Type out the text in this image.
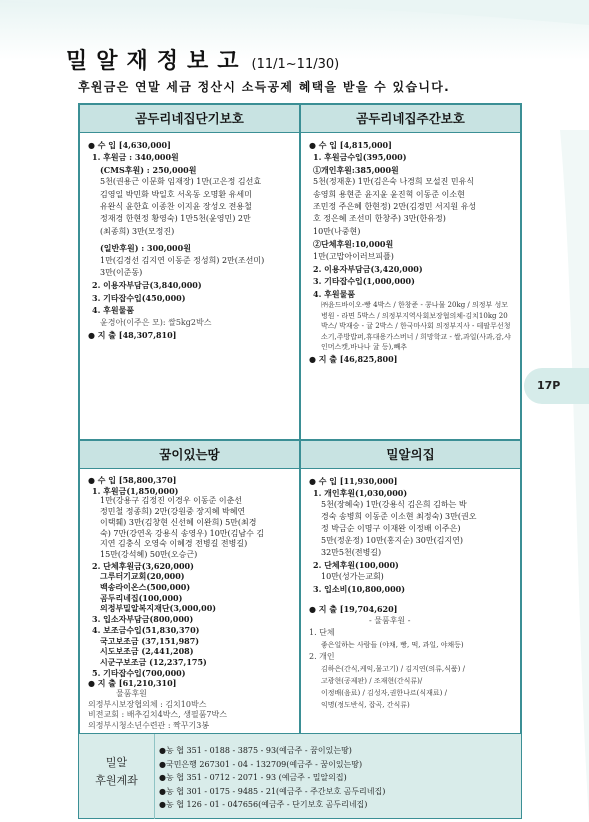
밀알재정보고 (11/1~11/30)
후원금은 연말 세금 정산시 소득공제 혜택을 받을 수 있습니다.
곰두리네집단기보호
● 수 입 [4,630,000]
1. 후원금 : 340,000원
(CMS후원) : 250,000원
5천(권용근 이문화 임재장) 1만(고은정 김선효
김영일 박민화 박일호 서옥동 오명환 유세미
유완식 윤한효 이종찬 이지윤 장성오 전용철
정재경 한현정 황영숙) 1만5천(윤영민) 2만
(최종희) 3만(모정진)
(일반후원) : 300,000원
1만(김경선 김지연 이동준 정성희) 2만(조선미)
3만(이준동)
2. 이용자부담금(3,840,000)
3. 기타잡수입(450,000)
4. 후원물품
윤경아(이주은 모): 쌀5kg2박스
● 지 출 [48,307,810]
곰두리네집주간보호
● 수 입 [4,815,000]
1. 후원금수입(395,000)
①개인후원:385,000원
5천(정재훈) 1만(김은숙 나경희 모설진 민유식
송영희 용현준 윤지윤 윤진혁 이동준 이소현
조민정 주은혜 한현정) 2만(김경민 서지원 유성
호 정은혜 조선미 한창주) 3만(한유정)
10만(나중현)
②단체후원:10,000원
1만(고맙아이러브피플)
2. 이용자부담금(3,420,000)
3. 기타잡수입(1,000,000)
4. 후원물품
㈜윤드바이오-빵 4박스 / 한창준 - 콩나물 20kg / 의정부 성모병원 - 라면 5박스 / 의정부지역사회보장협의체-김치10kg 20박스/ 박재승 - 귤 2박스 / 한국마사회 의정부지사 - 테팔무선청소기,주방밥퍼,휴대용가스버너 / 희망학교 - 쌀,과일(사과,감,샤인머스캣,바나나 귤 등),빼추
● 지 출 [46,825,800]
꿈이있는땅
● 수 입 [58,800,370]
1. 후원금(1,850,000)
1만(강용구 김정진 이경우 이동준 이춘선
정민철 정종희) 2만(강원중 장지혜 박혜연
이택훼) 3만(김창현 신선혜 이완희) 5만(최경
숙) 7만(강연옥 강용식 송영우) 10만(김남수 김
지연 김충식 오영숙 이혜경 전병길 전병길)
15만(강석혜) 50만(오승근)
2. 단체후원금(3,620,000)
그루터기교회(20,000)
백송라이온스(500,000)
곰두리네집(100,000)
의정부밀알복지재단(3,000,00)
3. 입소자부담금(800,000)
4. 보조금수입(51,830,370)
국고보조금 (37,151,987)
시도보조금 (2,441,208)
시군구보조금 (12,237,175)
5. 기타잡수입(700,000)
● 지 출 [61,210,310]
물품후원
의정부시보장협의체 : 김치10박스
비전교회 : 배추김치4박스, 생필품7박스
의정부시청소년수련관 : 짝꾸기3봉
밀알의집
● 수 입 [11,930,000]
1. 개인후원(1,030,000)
5천(장혜숙) 1만(강용식 김은희 김하는 박
경숙 송병희 이동준 이소현 최정숙) 3만(권오
정 박금순 이명구 이재완 이정배 이주은)
5만(정운정) 10만(홍지순) 30만(김지연)
32만5천(전병길)
2. 단체후원(100,000)
10만(성가는교회)
3. 입소비(10,800,000)
● 지 출 [19,704,620]
- 물품후원 -
1. 단체
좋은일하는 사람들 (야채, 빵, 떡, 과일, 야채등)
2. 개인
김하은(간식,케익,물고기) / 김지연(의류,식품) /
고광현(공제판) / 조재현(간식류)/
이정배(음료) / 김성자,권한나르(식재료) /
익명(정도반식, 잡곡, 간식류)
17P
밀알
후원계좌
●농 협 351 - 0188 - 3875 - 93(예금주 - 꿈이있는땅)
●국민은행 267301 - 04 - 132709(예금주 - 꿈이있는땅)
●농 협 351 - 0712 - 2071 - 93 (예금주 - 밀알의집)
●농 협 301 - 0175 - 9485 - 21(예금주 - 주간보호 곰두리네집)
●농 협 126 - 01 - 047656(예금주 - 단기보호 곰두리네집)
